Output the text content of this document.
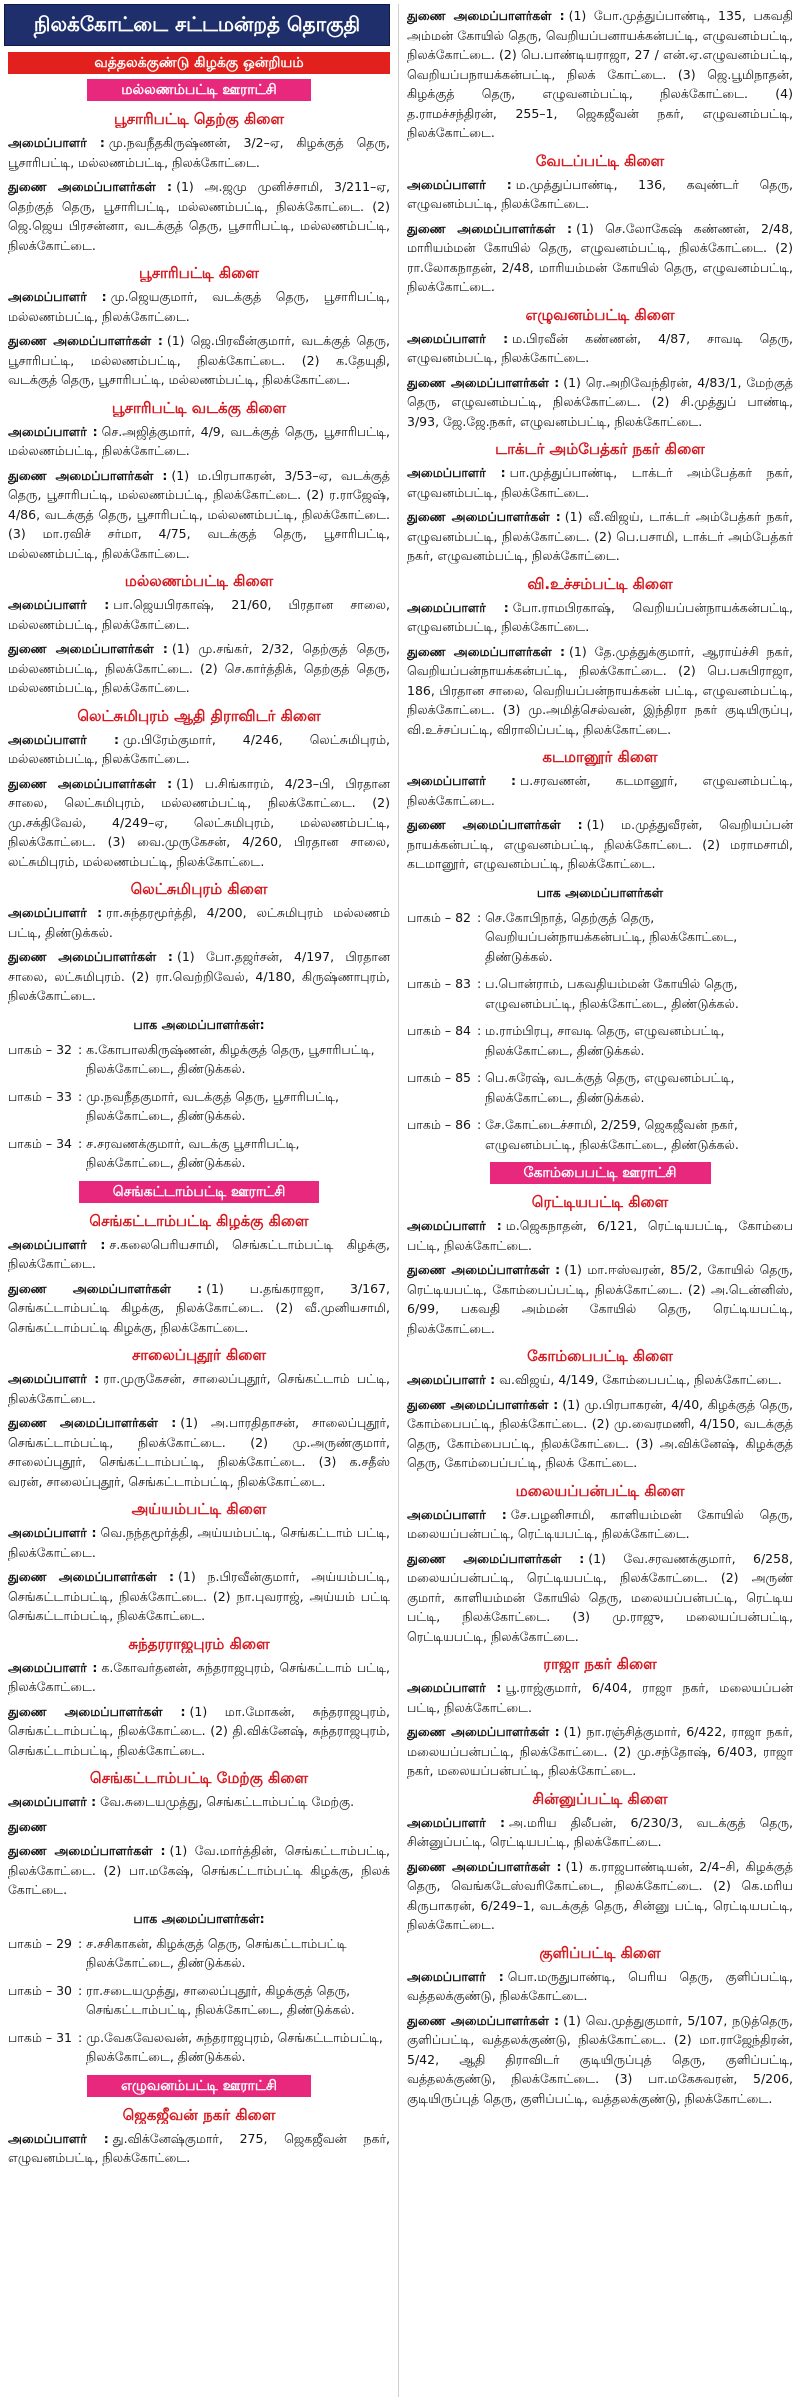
நிலக்கோட்டை சட்டமன்றத் தொகுதி
வத்தலக்குண்டு கிழக்கு ஒன்றியம்
மல்லணம்பட்டி ஊராட்சி
பூசாரிபட்டி தெற்கு கிளை
அமைப்பாளர் : மு.நவநீதகிருஷ்ணன், 3/2–ஏ, கிழக்குத் தெரு, பூசாரிபட்டி, மல்லணம்பட்டி, நிலக்கோட்டை.
துணை அமைப்பாளர்கள் : (1) அ.ஜமு முனிச்சாமி, 3/211–ஏ, தெற்குத் தெரு, பூசாரிபட்டி, மல்லணம்பட்டி, நிலக்கோட்டை. (2) ஜெ.ஜெய பிரசன்னா, வடக்குத் தெரு, பூசாரிபட்டி, மல்லணம்பட்டி, நிலக்கோட்டை.
பூசாரிபட்டி கிளை
அமைப்பாளர் : மு.ஜெயகுமார், வடக்குத் தெரு, பூசாரிபட்டி, மல்லணம்பட்டி, நிலக்கோட்டை.
துணை அமைப்பாளர்கள் : (1) ஜெ.பிரவீன்குமார், வடக்குத் தெரு, பூசாரிபட்டி, மல்லணம்பட்டி, நிலக்கோட்டை. (2) க.தேயுதி, வடக்குத் தெரு, பூசாரிபட்டி, மல்லணம்பட்டி, நிலக்கோட்டை.
பூசாரிபட்டி வடக்கு கிளை
அமைப்பாளர் : செ.அஜித்குமார், 4/9, வடக்குத் தெரு, பூசாரிபட்டி, மல்லணம்பட்டி, நிலக்கோட்டை.
துணை அமைப்பாளர்கள் : (1) ம.பிரபாகரன், 3/53–ஏ, வடக்குத் தெரு, பூசாரிபட்டி, மல்லணம்பட்டி, நிலக்கோட்டை. (2) ர.ராஜேஷ், 4/86, வடக்குத் தெரு, பூசாரிபட்டி, மல்லணம்பட்டி, நிலக்கோட்டை. (3) மா.ரவிச் சர்மா, 4/75, வடக்குத் தெரு, பூசாரிபட்டி, மல்லணம்பட்டி, நிலக்கோட்டை.
மல்லணம்பட்டி கிளை
அமைப்பாளர் : பா.ஜெயபிரகாஷ், 21/60, பிரதான சாலை, மல்லணம்பட்டி, நிலக்கோட்டை.
துணை அமைப்பாளர்கள் : (1) மு.சங்கர், 2/32, தெற்குத் தெரு, மல்லணம்பட்டி, நிலக்கோட்டை. (2) செ.கார்த்திக், தெற்குத் தெரு, மல்லணம்பட்டி, நிலக்கோட்டை.
லெட்சுமிபுரம் ஆதி திராவிடர் கிளை
அமைப்பாளர் : மு.பிரேம்குமார், 4/246, லெட்சுமிபுரம், மல்லணம்பட்டி, நிலக்கோட்டை.
துணை அமைப்பாளர்கள் : (1) ப.சிங்காரம், 4/23–பி, பிரதான சாலை, லெட்சுமிபுரம், மல்லணம்பட்டி, நிலக்கோட்டை. (2) மு.சக்திவேல், 4/249–ஏ, லெட்சுமிபுரம், மல்லணம்பட்டி, நிலக்கோட்டை. (3) வை.முருகேசன், 4/260, பிரதான சாலை, லட்சுமிபுரம், மல்லணம்பட்டி, நிலக்கோட்டை.
லெட்சுமிபுரம் கிளை
அமைப்பாளர் : ரா.சுந்தரமூர்த்தி, 4/200, லட்சுமிபுரம் மல்லணம் பட்டி, திண்டுக்கல்.
துணை அமைப்பாளர்கள் : (1) போ.தஜர்சன், 4/197, பிரதான சாலை, லட்சுமிபுரம். (2) ரா.வெற்றிவேல், 4/180, கிருஷ்ணாபுரம், நிலக்கோட்டை.
பாக அமைப்பாளர்கள்:
பாகம் – 32 : க.கோபாலகிருஷ்ணன், கிழக்குத் தெரு, பூசாரிபட்டி, நிலக்கோட்டை, திண்டுக்கல்.
பாகம் – 33 : மு.நவநீதகுமார், வடக்குத் தெரு, பூசாரிபட்டி, நிலக்கோட்டை, திண்டுக்கல்.
பாகம் – 34 : ச.சரவணக்குமார், வடக்கு பூசாரிபட்டி, நிலக்கோட்டை, திண்டுக்கல்.
செங்கட்டாம்பட்டி ஊராட்சி
செங்கட்டாம்பட்டி கிழக்கு கிளை
அமைப்பாளர் : ச.கலைபெரியசாமி, செங்கட்டாம்பட்டி கிழக்கு, நிலக்கோட்டை.
துணை அமைப்பாளர்கள் : (1) ப.தங்கராஜா, 3/167, செங்கட்டாம்பட்டி கிழக்கு, நிலக்கோட்டை. (2) வீ.முனியசாமி, செங்கட்டாம்பட்டி கிழக்கு, நிலக்கோட்டை.
சாலைப்புதூர் கிளை
அமைப்பாளர் : ரா.முருகேசன், சாலைப்புதூர், செங்கட்டாம் பட்டி, நிலக்கோட்டை.
துணை அமைப்பாளர்கள் : (1) அ.பாரதிதாசன், சாலைப்புதூர், செங்கட்டாம்பட்டி, நிலக்கோட்டை. (2) மு.அருண்குமார், சாலைப்புதூர், செங்கட்டாம்பட்டி, நிலக்கோட்டை. (3) க.சதீஸ் வரன், சாலைப்புதூர், செங்கட்டாம்பட்டி, நிலக்கோட்டை.
அய்யம்பட்டி கிளை
அமைப்பாளர் : வெ.நந்தமூர்த்தி, அய்யம்பட்டி, செங்கட்டாம் பட்டி, நிலக்கோட்டை.
துணை அமைப்பாளர்கள் : (1) ந.பிரவீன்குமார், அய்யம்பட்டி, செங்கட்டாம்பட்டி, நிலக்கோட்டை. (2) நா.புவராஜ், அய்யம் பட்டி செங்கட்டாம்பட்டி, நிலக்கோட்டை.
சுந்தரராஜபுரம் கிளை
அமைப்பாளர் : க.கோவர்தனன், சுந்தராஜபுரம், செங்கட்டாம் பட்டி, நிலக்கோட்டை.
துணை அமைப்பாளர்கள் : (1) மா.மோகன், சுந்தராஜபுரம், செங்கட்டாம்பட்டி, நிலக்கோட்டை. (2) தி.விக்னேஷ், சுந்தராஜபுரம், செங்கட்டாம்பட்டி, நிலக்கோட்டை.
செங்கட்டாம்பட்டி மேற்கு கிளை
அமைப்பாளர் : வே.சுடையமுத்து, செங்கட்டாம்பட்டி மேற்கு.
துணை
துணை அமைப்பாளர்கள் : (1) வே.மார்த்தின், செங்கட்டாம்பட்டி, நிலக்கோட்டை. (2) பா.மகேஷ், செங்கட்டாம்பட்டி கிழக்கு, நிலக் கோட்டை.
பாக அமைப்பாளர்கள்:
பாகம் – 29 : ச.சசிகாகன், கிழக்குத் தெரு, செங்கட்டாம்பட்டி நிலக்கோட்டை, திண்டுக்கல்.
பாகம் – 30 : ரா.சடையமுத்து, சாலைப்புதூர், கிழக்குத் தெரு, செங்கட்டாம்பட்டி, நிலக்கோட்டை, திண்டுக்கல்.
பாகம் – 31 : மு.வேகவேலவன், சுந்தராஜபுரம், செங்கட்டாம்பட்டி, நிலக்கோட்டை, திண்டுக்கல்.
எழுவனம்பட்டி ஊராட்சி
ஜெகஜீவன் நகர் கிளை
அமைப்பாளர் : து.விக்னேஷ்குமார், 275, ஜெகஜீவன் நகர், எழுவனம்பட்டி, நிலக்கோட்டை.
துணை அமைப்பாளர்கள் : (1) போ.முத்துப்பாண்டி, 135, பகவதி அம்மன் கோயில் தெரு, வெறியப்பனாயக்கன்பட்டி, எழுவனம்பட்டி, நிலக்கோட்டை. (2) பெ.பாண்டியராஜா, 27 / என்.ஏ.எழுவனம்பட்டி, வெறியப்பநாயக்கன்பட்டி, நிலக் கோட்டை. (3) ஜெ.பூமிநாதன், கிழக்குத் தெரு, எழுவனம்பட்டி, நிலக்கோட்டை. (4) த.ராமச்சந்திரன், 255–1, ஜெகஜீவன் நகர், எழுவனம்பட்டி, நிலக்கோட்டை.
வேடப்பட்டி கிளை
அமைப்பாளர் : ம.முத்துப்பாண்டி, 136, கவுண்டர் தெரு, எழுவனம்பட்டி, நிலக்கோட்டை.
துணை அமைப்பாளர்கள் : (1) செ.லோகேஷ் கண்ணன், 2/48, மாரியம்மன் கோயில் தெரு, எழுவனம்பட்டி, நிலக்கோட்டை. (2) ரா.லோகநாதன், 2/48, மாரியம்மன் கோயில் தெரு, எழுவனம்பட்டி, நிலக்கோட்டை.
எழுவனம்பட்டி கிளை
அமைப்பாளர் : ம.பிரவீன் கண்ணன், 4/87, சாவடி தெரு, எழுவனம்பட்டி, நிலக்கோட்டை.
துணை அமைப்பாளர்கள் : (1) ரெ.அறிவேந்திரன், 4/83/1, மேற்குத் தெரு, எழுவனம்பட்டி, நிலக்கோட்டை. (2) சி.முத்துப் பாண்டி, 3/93, ஜே.ஜே.நகர், எழுவனம்பட்டி, நிலக்கோட்டை.
டாக்டர் அம்பேத்கர் நகர் கிளை
அமைப்பாளர் : பா.முத்துப்பாண்டி, டாக்டர் அம்பேத்கர் நகர், எழுவனம்பட்டி, நிலக்கோட்டை.
துணை அமைப்பாளர்கள் : (1) வீ.விஜய், டாக்டர் அம்பேத்கர் நகர், எழுவனம்பட்டி, நிலக்கோட்டை. (2) பெ.பசாமி, டாக்டர் அம்பேத்கர் நகர், எழுவனம்பட்டி, நிலக்கோட்டை.
வி.உச்சம்பட்டி கிளை
அமைப்பாளர் : போ.ராமபிரகாஷ், வெறியப்பன்நாயக்கன்பட்டி, எழுவனம்பட்டி, நிலக்கோட்டை.
துணை அமைப்பாளர்கள் : (1) தே.முத்துக்குமார், ஆராய்ச்சி நகர், வெறியப்பன்நாயக்கன்பட்டி, நிலக்கோட்டை. (2) பெ.பசுபிராஜா, 186, பிரதான சாலை, வெறியப்பன்நாயக்கன் பட்டி, எழுவனம்பட்டி, நிலக்கோட்டை. (3) மு.அமித்செல்வன், இந்திரா நகர் குடியிருப்பு, வி.உச்சப்பட்டி, விராலிப்பட்டி, நிலக்கோட்டை.
கடமானூர் கிளை
அமைப்பாளர் : ப.சரவணன், கடமானூர், எழுவனம்பட்டி, நிலக்கோட்டை.
துணை அமைப்பாளர்கள் : (1) ம.முத்துவீரன், வெறியப்பன் நாயக்கன்பட்டி, எழுவனம்பட்டி, நிலக்கோட்டை. (2) மராமசாமி, கடமானூர், எழுவனம்பட்டி, நிலக்கோட்டை.
பாக அமைப்பாளர்கள்
பாகம் – 82 : செ.கோபிநாத், தெற்குத் தெரு, வெறியப்பன்நாயக்கன்பட்டி, நிலக்கோட்டை, திண்டுக்கல்.
பாகம் – 83 : ப.பொன்ராம், பகவதியம்மன் கோயில் தெரு, எழுவனம்பட்டி, நிலக்கோட்டை, திண்டுக்கல்.
பாகம் – 84 : ம.ராம்பிரபு, சாவடி தெரு, எழுவனம்பட்டி, நிலக்கோட்டை, திண்டுக்கல்.
பாகம் – 85 : பெ.சுரேஷ், வடக்குத் தெரு, எழுவனம்பட்டி, நிலக்கோட்டை, திண்டுக்கல்.
பாகம் – 86 : சே.கோட்டைச்சாமி, 2/259, ஜெகஜீவன் நகர், எழுவனம்பட்டி, நிலக்கோட்டை, திண்டுக்கல்.
கோம்பைபட்டி ஊராட்சி
ரெட்டியபட்டி கிளை
அமைப்பாளர் : ம.ஜெகநாதன், 6/121, ரெட்டியபட்டி, கோம்பை பட்டி, நிலக்கோட்டை.
துணை அமைப்பாளர்கள் : (1) மா.ஈஸ்வரன், 85/2, கோயில் தெரு, ரெட்டியபட்டி, கோம்பைப்பட்டி, நிலக்கோட்டை. (2) அ.டென்னிஸ், 6/99, பகவதி அம்மன் கோயில் தெரு, ரெட்டியபட்டி, நிலக்கோட்டை.
கோம்பைபட்டி கிளை
அமைப்பாளர் : வ.விஜய், 4/149, கோம்பைபட்டி, நிலக்கோட்டை.
துணை அமைப்பாளர்கள் : (1) மு.பிரபாகரன், 4/40, கிழக்குத் தெரு, கோம்பைபட்டி, நிலக்கோட்டை. (2) மு.வைரமணி, 4/150, வடக்குத் தெரு, கோம்பைபட்டி, நிலக்கோட்டை. (3) அ.விக்னேஷ், கிழக்குத் தெரு, கோம்பைப்பட்டி, நிலக் கோட்டை.
மலையப்பன்பட்டி கிளை
அமைப்பாளர் : சே.பழனிசாமி, காளியம்மன் கோயில் தெரு, மலையப்பன்பட்டி, ரெட்டியபட்டி, நிலக்கோட்டை.
துணை அமைப்பாளர்கள் : (1) வே.சரவணக்குமார், 6/258, மலையப்பன்பட்டி, ரெட்டியபட்டி, நிலக்கோட்டை. (2) அருண் குமார், காளியம்மன் கோயில் தெரு, மலையப்பன்பட்டி, ரெட்டிய பட்டி, நிலக்கோட்டை. (3) மு.ராஜு, மலையப்பன்பட்டி, ரெட்டியபட்டி, நிலக்கோட்டை.
ராஜா நகர் கிளை
அமைப்பாளர் : பூ.ராஜ்குமார், 6/404, ராஜா நகர், மலையப்பன் பட்டி, நிலக்கோட்டை.
துணை அமைப்பாளர்கள் : (1) நா.ரஞ்சித்குமார், 6/422, ராஜா நகர், மலையப்பன்பட்டி, நிலக்கோட்டை. (2) மு.சந்தோஷ், 6/403, ராஜா நகர், மலையப்பன்பட்டி, நிலக்கோட்டை.
சின்னுப்பட்டி கிளை
அமைப்பாளர் : அ.மரிய திலீபன், 6/230/3, வடக்குத் தெரு, சின்னுப்பட்டி, ரெட்டியபட்டி, நிலக்கோட்டை.
துணை அமைப்பாளர்கள் : (1) க.ராஜபாண்டியன், 2/4–சி, கிழக்குத் தெரு, வெங்கடேஸ்வரிகோட்டை, நிலக்கோட்டை. (2) கெ.மரிய கிருபாகரன், 6/249–1, வடக்குத் தெரு, சின்னு பட்டி, ரெட்டியபட்டி, நிலக்கோட்டை.
குளிப்பட்டி கிளை
அமைப்பாளர் : பொ.மருதுபாண்டி, பெரிய தெரு, குளிப்பட்டி, வத்தலக்குண்டு, நிலக்கோட்டை.
துணை அமைப்பாளர்கள் : (1) வெ.முத்துகுமார், 5/107, நடுத்தெரு, குளிப்பட்டி, வத்தலக்குண்டு, நிலக்கோட்டை. (2) மா.ராஜேந்திரன், 5/42, ஆதி திராவிடர் குடியிருப்புத் தெரு, குளிப்பட்டி, வத்தலக்குண்டு, நிலக்கோட்டை. (3) பா.மகேசுவரன், 5/206, குடியிருப்புத் தெரு, குளிப்பட்டி, வத்தலக்குண்டு, நிலக்கோட்டை.
